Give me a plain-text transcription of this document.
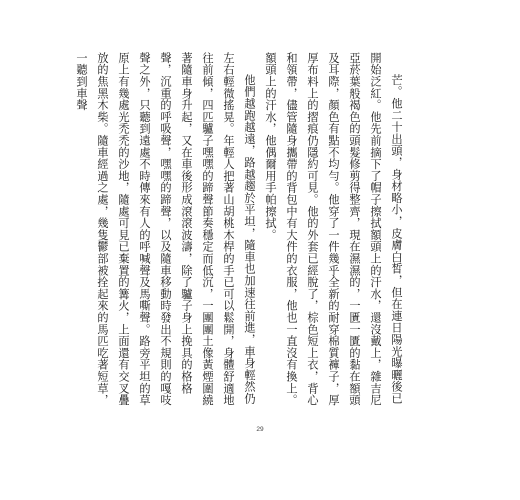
芒。他二十出頭，身材略小，皮膚白皙，但在連日陽光曝曬後已開始泛紅。他先前摘下了帽子擦拭額頭上的汗水，還沒戴上，雜吉尼亞菸葉般褐色的頭髮修剪得整齊，現在濕濕的，一匱一匱的黏在額頭及耳際，顏色有點不均勻。他穿了一件幾乎全新的耐穿棉質褲子，厚厚布料上的摺痕仍隱約可見。他的外套已經脫了，棕色短上衣，背心和領帶，儘管隨身攜帶的背包中有大件的衣服，他也一直沒有換上。額頭上的汗水，他偶爾用手帕擦拭。

他們越跑越遠，路越趨於平坦，隨車也加速往前進，車身輕然仍左右輕微搖晃。年輕人把著山胡桃木桿的手已可以鬆開，身體舒適地往前傾，四匹驢子嘿嘿的蹄聲節奏穩定而低沉，一團團土像黃煙圍繞著隨車身升起，又在車後形成滾滾波濤，除了驢子身上挽具的格格聲，沉重的呼吸聲，嘿嘿的蹄聲，以及隨車移動時發出不規則的嘎吱聲之外，只聽到遠處不時傳來有人的呼喊聲及馬嘶聲。路旁平坦的草原上有幾處光禿禿的沙地，隨處可見已棄置的篝火，上面還有交叉疊放的焦黑木柴。隨車經過之處，幾隻鬱部被拴起來的馬匹吃著短草，一聽到車聲

29
